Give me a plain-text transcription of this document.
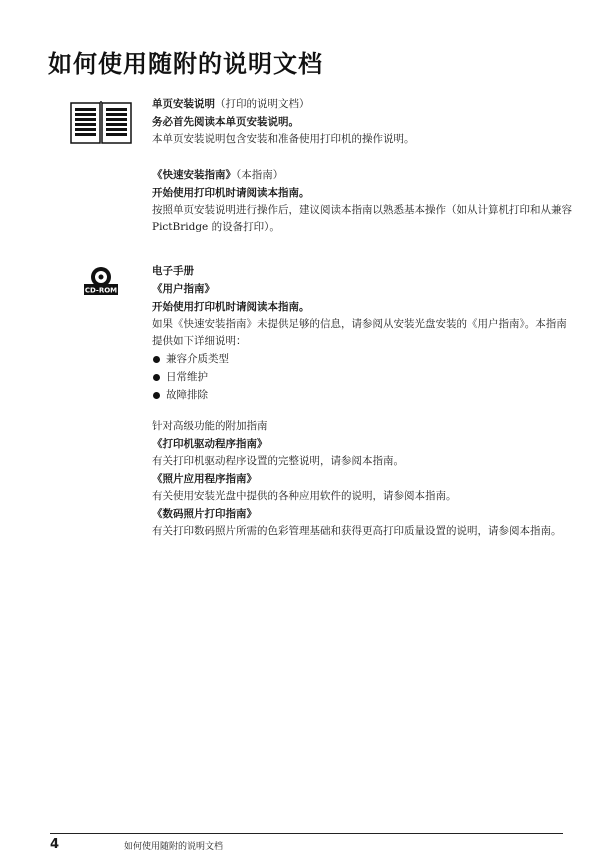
如何使用随附的说明文档
CD-ROM
单页安装说明（打印的说明文档）
务必首先阅读本单页安装说明。
本单页安装说明包含安装和准备使用打印机的操作说明。
《快速安装指南》（本指南）
开始使用打印机时请阅读本指南。
按照单页安装说明进行操作后，建议阅读本指南以熟悉基本操作（如从计算机打印和从兼容 PictBridge 的设备打印）。
电子手册
《用户指南》
开始使用打印机时请阅读本指南。
如果《快速安装指南》未提供足够的信息，请参阅从安装光盘安装的《用户指南》。本指南提供如下详细说明：
兼容介质类型
日常维护
故障排除
针对高级功能的附加指南
《打印机驱动程序指南》
有关打印机驱动程序设置的完整说明，请参阅本指南。
《照片应用程序指南》
有关使用安装光盘中提供的各种应用软件的说明，请参阅本指南。
《数码照片打印指南》
有关打印数码照片所需的色彩管理基础和获得更高打印质量设置的说明，请参阅本指南。
4	如何使用随附的说明文档
